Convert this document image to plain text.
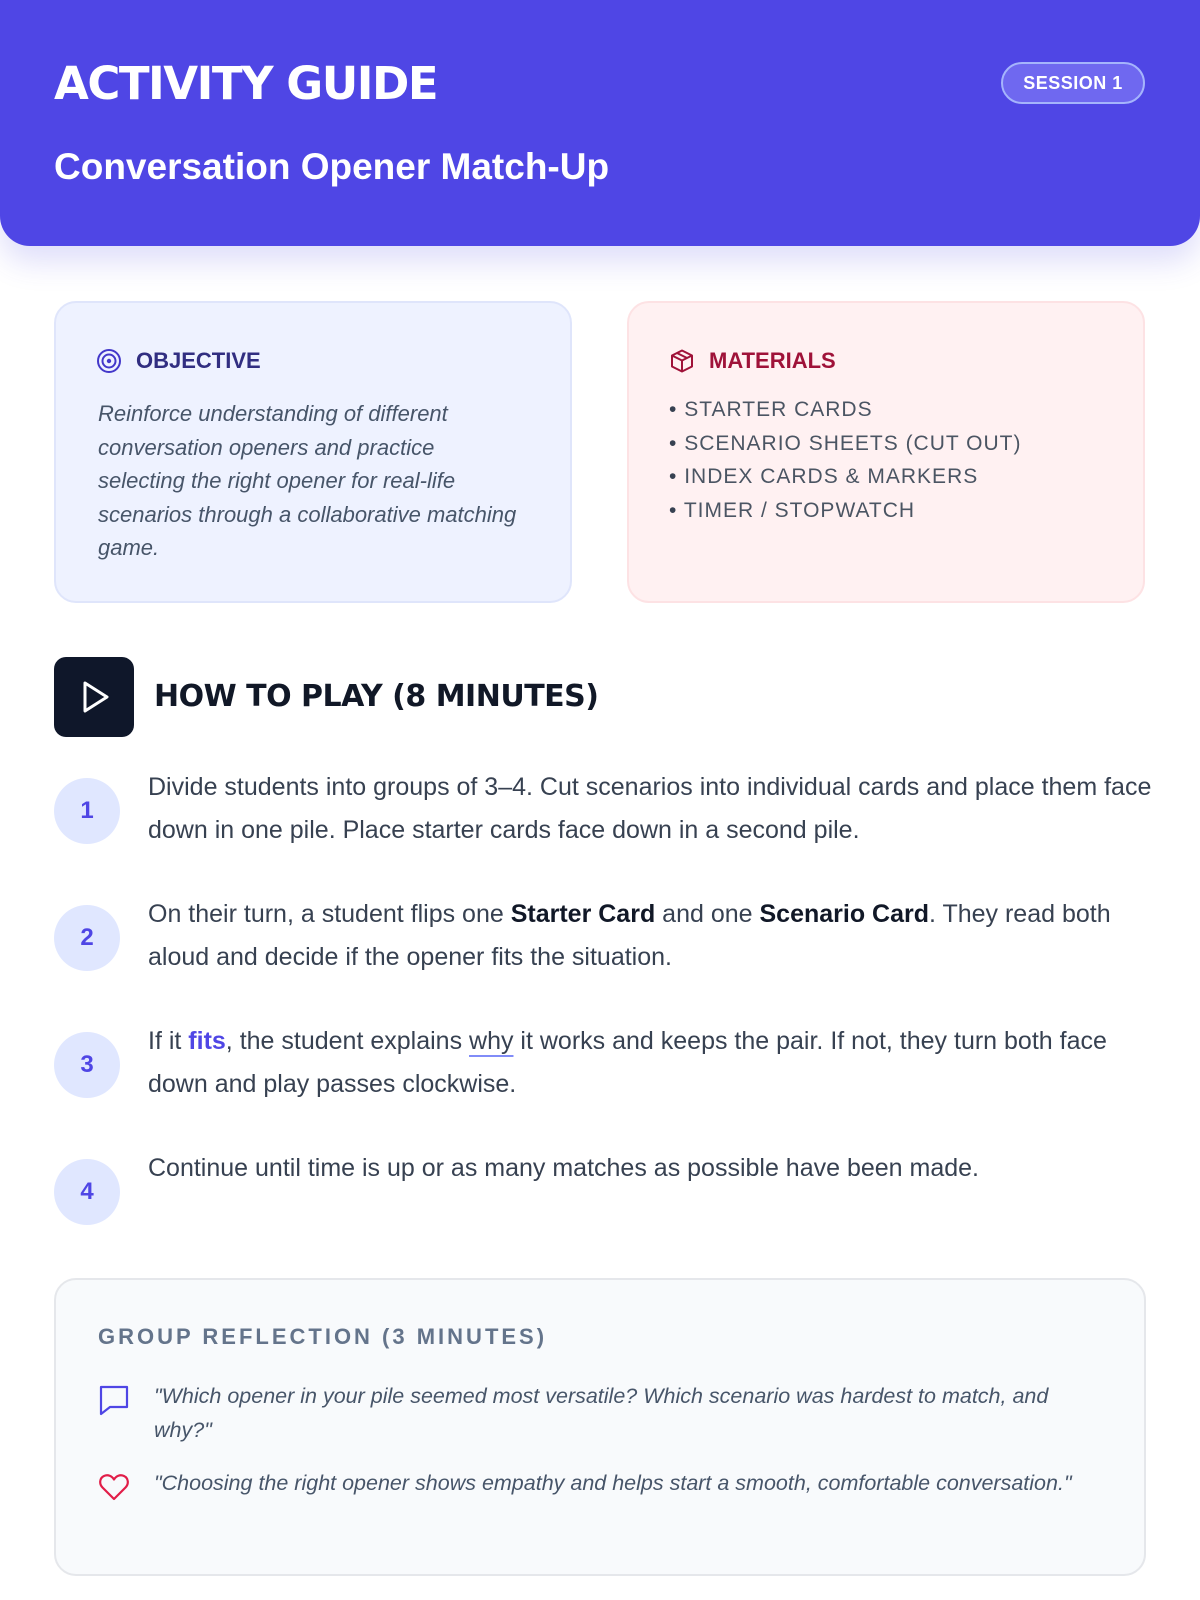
ACTIVITY GUIDE	SESSION 1
Conversation Opener Match-Up
OBJECTIVE

Reinforce understanding of different conversation openers and practice selecting the right opener for real-life scenarios through a collaborative matching game.

MATERIALS
• STARTER CARDS
• SCENARIO SHEETS (CUT OUT)
• INDEX CARDS & MARKERS
• TIMER / STOPWATCH
HOW TO PLAY (8 MINUTES)
1

Divide students into groups of 3–4. Cut scenarios into individual cards and place them face down in one pile. Place starter cards face down in a second pile.

2

On their turn, a student flips one Starter Card and one Scenario Card. They read both aloud and decide if the opener fits the situation.

3

If it fits, the student explains why it works and keeps the pair. If not, they turn both face down and play passes clockwise.

4

Continue until time is up or as many matches as possible have been made.

GROUP REFLECTION (3 MINUTES)

"Which opener in your pile seemed most versatile? Which scenario was hardest to match, and why?"

"Choosing the right opener shows empathy and helps start a smooth, comfortable conversation."
